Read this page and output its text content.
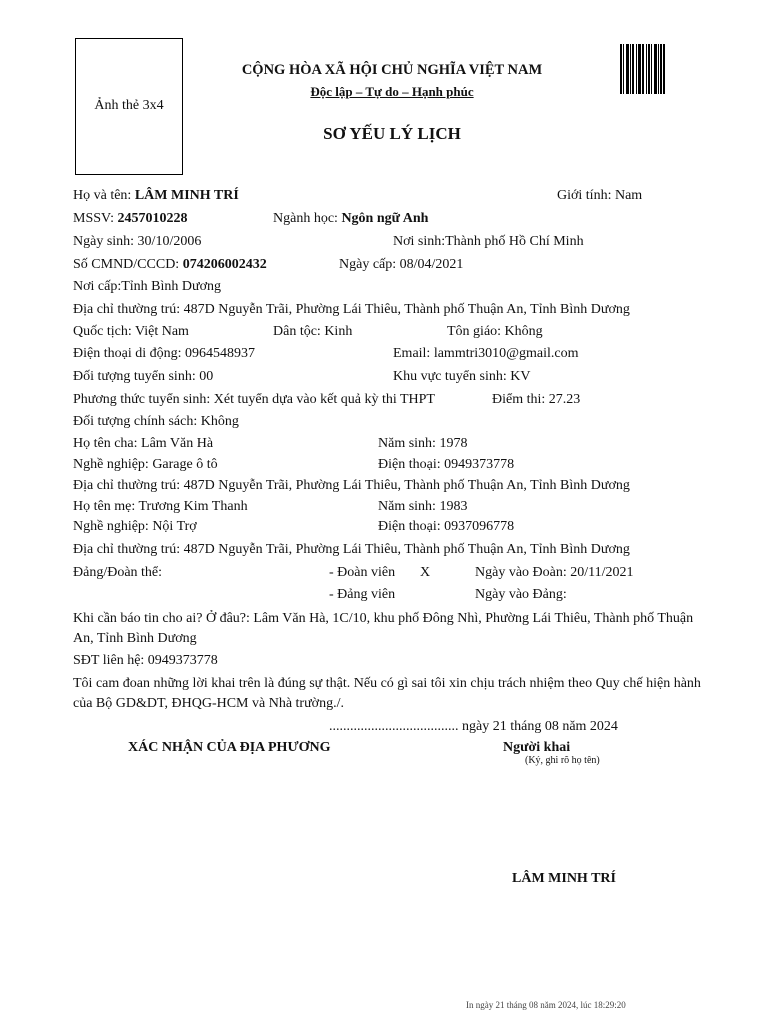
Ảnh thẻ 3x4
CỘNG HÒA XÃ HỘI CHỦ NGHĨA VIỆT NAM
Độc lập – Tự do – Hạnh phúc
SƠ YẾU LÝ LỊCH
Họ và tên: LÂM MINH TRÍ	Giới tính: Nam
MSSV: 2457010228	Ngành học: Ngôn ngữ Anh
Ngày sinh: 30/10/2006	Nơi sinh:Thành phố Hồ Chí Minh
Số CMND/CCCD: 074206002432	Ngày cấp: 08/04/2021
Nơi cấp:Tỉnh Bình Dương
Địa chỉ thường trú: 487D Nguyễn Trãi, Phường Lái Thiêu, Thành phố Thuận An, Tỉnh Bình Dương
Quốc tịch: Việt Nam	Dân tộc: Kinh	Tôn giáo: Không
Điện thoại di động: 0964548937	Email: lammtri3010@gmail.com
Đối tượng tuyển sinh: 00	Khu vực tuyển sinh: KV
Phương thức tuyển sinh: Xét tuyển dựa vào kết quả kỳ thi THPT	Điểm thi: 27.23
Đối tượng chính sách: Không
Họ tên cha: Lâm Văn Hà	Năm sinh: 1978
Nghề nghiệp: Garage ô tô	Điện thoại: 0949373778
Địa chỉ thường trú: 487D Nguyễn Trãi, Phường Lái Thiêu, Thành phố Thuận An, Tỉnh Bình Dương
Họ tên mẹ: Trương Kim Thanh	Năm sinh: 1983
Nghề nghiệp: Nội Trợ	Điện thoại: 0937096778
Địa chỉ thường trú: 487D Nguyễn Trãi, Phường Lái Thiêu, Thành phố Thuận An, Tỉnh Bình Dương
Đảng/Đoàn thể:	- Đoàn viên X	Ngày vào Đoàn: 20/11/2021
- Đảng viên	Ngày vào Đảng:
Khi cần báo tin cho ai? Ở đâu?: Lâm Văn Hà, 1C/10, khu phố Đông Nhì, Phường Lái Thiêu, Thành phố Thuận An, Tỉnh Bình Dương
SĐT liên hệ: 0949373778
Tôi cam đoan những lời khai trên là đúng sự thật. Nếu có gì sai tôi xin chịu trách nhiệm theo Quy chế hiện hành của Bộ GD&DT, ĐHQG-HCM và Nhà trường./.
..................................... ngày 21 tháng 08 năm 2024
XÁC NHẬN CỦA ĐỊA PHƯƠNG	Người khai
(Ký, ghi rõ họ tên)
LÂM MINH TRÍ
In ngày 21 tháng 08 năm 2024, lúc 18:29:20
